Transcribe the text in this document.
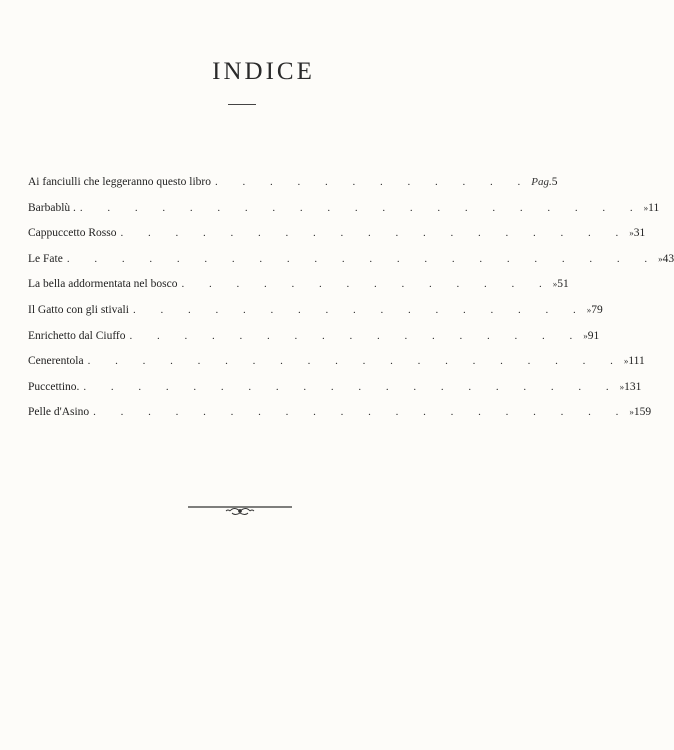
INDICE
Ai fanciulli che leggeranno questo libro . . . . . . . . . . . . Pag. 5
Barbablù . . . . . . . . . . . . . . . . . . . . . . » 11
Cappuccetto Rosso . . . . . . . . . . . . . . . . . . . » 31
Le Fate . . . . . . . . . . . . . . . . . . . . . . » 43
La bella addormentata nel bosco . . . . . . . . . . . . . . » 51
Il Gatto con gli stivali . . . . . . . . . . . . . . . . . » 79
Enrichetto dal Ciuffo . . . . . . . . . . . . . . . . . » 91
Cenerentola . . . . . . . . . . . . . . . . . . . . » 111
Puccettino. . . . . . . . . . . . . . . . . . . . . » 131
Pelle d'Asino . . . . . . . . . . . . . . . . . . . . » 159
